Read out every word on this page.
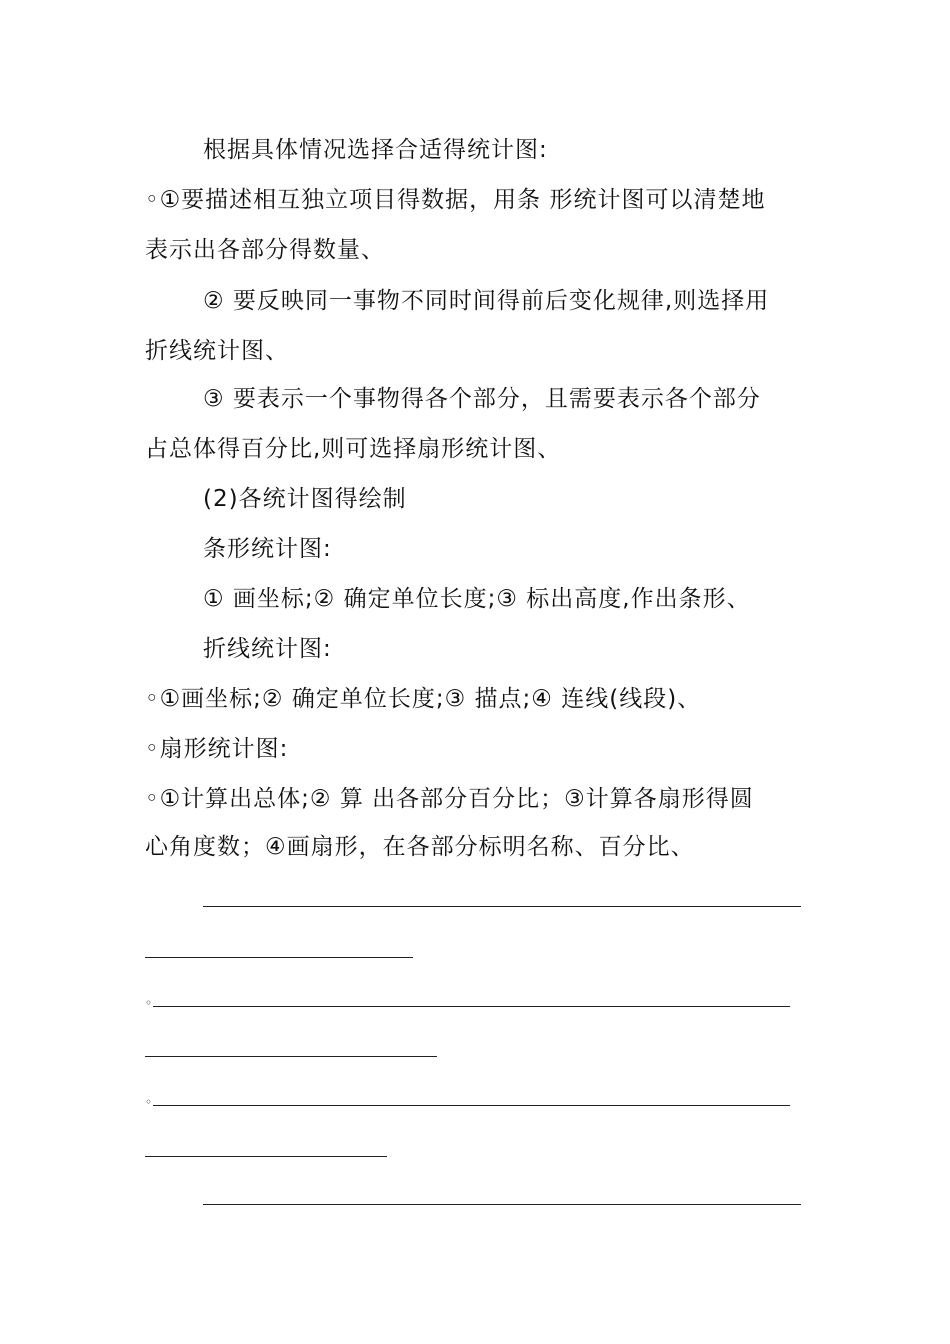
根据具体情况选择合适得统计图:
◦①要描述相互独立项目得数据，用条 形统计图可以清楚地
表示出各部分得数量、
② 要反映同一事物不同时间得前后变化规律,则选择用
折线统计图、
③ 要表示一个事物得各个部分，且需要表示各个部分
占总体得百分比,则可选择扇形统计图、
(2)各统计图得绘制
条形统计图:
① 画坐标;② 确定单位长度;③ 标出高度,作出条形、
折线统计图:
◦①画坐标;② 确定单位长度;③ 描点;④ 连线(线段)、
◦扇形统计图:
◦①计算出总体;② 算 出各部分百分比；③计算各扇形得圆
心角度数；④画扇形，在各部分标明名称、百分比、
◦
◦
